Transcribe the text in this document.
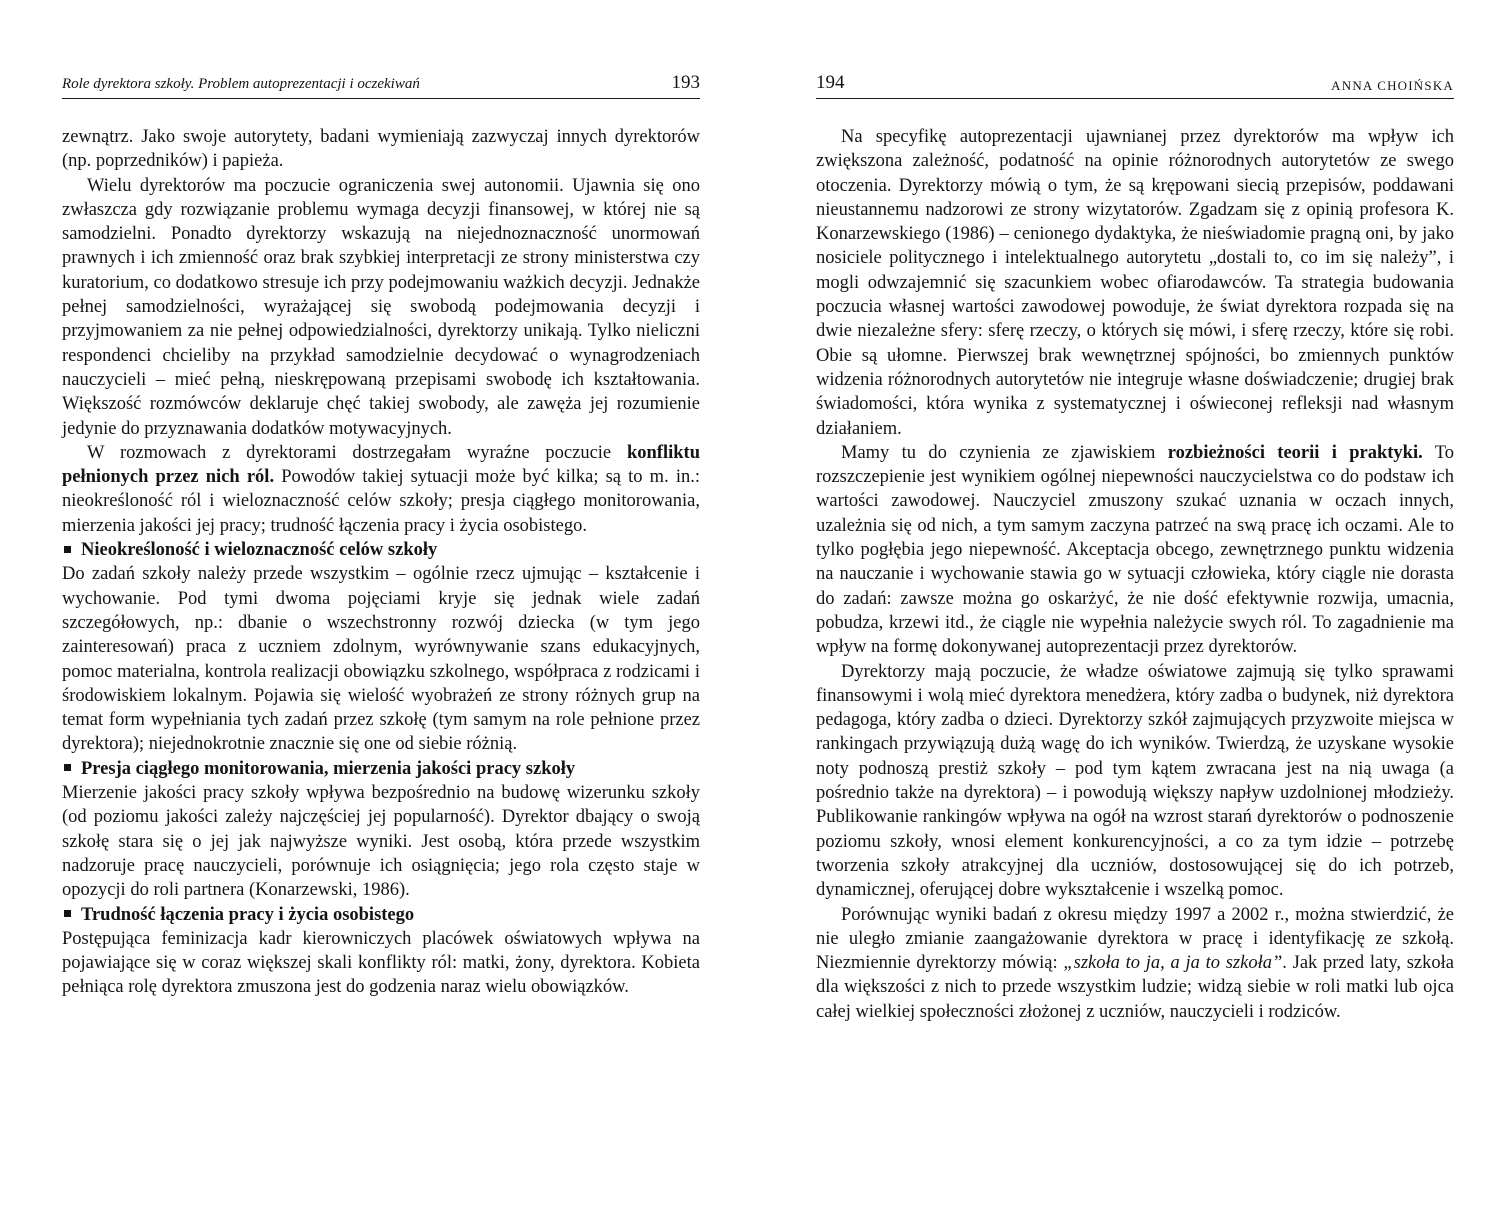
Role dyrektora szkoły. Problem autoprezentacji i oczekiwań	193

zewnątrz. Jako swoje autorytety, badani wymieniają zazwyczaj innych dyrektorów (np. poprzedników) i papieża.

Wielu dyrektorów ma poczucie ograniczenia swej autonomii. Ujawnia się ono zwłaszcza gdy rozwiązanie problemu wymaga decyzji finansowej, w której nie są samodzielni. Ponadto dyrektorzy wskazują na niejednoznaczność unormowań prawnych i ich zmienność oraz brak szybkiej interpretacji ze strony ministerstwa czy kuratorium, co dodatkowo stresuje ich przy podejmowaniu ważkich decyzji. Jednakże pełnej samodzielności, wyrażającej się swobodą podejmowania decyzji i przyjmowaniem za nie pełnej odpowiedzialności, dyrektorzy unikają. Tylko nieliczni respondenci chcieliby na przykład samodzielnie decydować o wynagrodzeniach nauczycieli – mieć pełną, nieskrępowaną przepisami swobodę ich kształtowania. Większość rozmówców deklaruje chęć takiej swobody, ale zawęża jej rozumienie jedynie do przyznawania dodatków motywacyjnych.

W rozmowach z dyrektorami dostrzegałam wyraźne poczucie konfliktu pełnionych przez nich ról. Powodów takiej sytuacji może być kilka; są to m. in.: nieokreśloność ról i wieloznaczność celów szkoły; presja ciągłego monitorowania, mierzenia jakości jej pracy; trudność łączenia pracy i życia osobistego.

Nieokreśloność i wieloznaczność celów szkoły

Do zadań szkoły należy przede wszystkim – ogólnie rzecz ujmując – kształcenie i wychowanie. Pod tymi dwoma pojęciami kryje się jednak wiele zadań szczegółowych, np.: dbanie o wszechstronny rozwój dziecka (w tym jego zainteresowań) praca z uczniem zdolnym, wyrównywanie szans edukacyjnych, pomoc materialna, kontrola realizacji obowiązku szkolnego, współpraca z rodzicami i środowiskiem lokalnym. Pojawia się wielość wyobrażeń ze strony różnych grup na temat form wypełniania tych zadań przez szkołę (tym samym na role pełnione przez dyrektora); niejednokrotnie znacznie się one od siebie różnią.

Presja ciągłego monitorowania, mierzenia jakości pracy szkoły

Mierzenie jakości pracy szkoły wpływa bezpośrednio na budowę wizerunku szkoły (od poziomu jakości zależy najczęściej jej popularność). Dyrektor dbający o swoją szkołę stara się o jej jak najwyższe wyniki. Jest osobą, która przede wszystkim nadzoruje pracę nauczycieli, porównuje ich osiągnięcia; jego rola często staje w opozycji do roli partnera (Konarzewski, 1986).

Trudność łączenia pracy i życia osobistego

Postępująca feminizacja kadr kierowniczych placówek oświatowych wpływa na pojawiające się w coraz większej skali konflikty ról: matki, żony, dyrektora. Kobieta pełniąca rolę dyrektora zmuszona jest do godzenia naraz wielu obowiązków.

194	ANNA CHOIŃSKA

Na specyfikę autoprezentacji ujawnianej przez dyrektorów ma wpływ ich zwiększona zależność, podatność na opinie różnorodnych autorytetów ze swego otoczenia. Dyrektorzy mówią o tym, że są krępowani siecią przepisów, poddawani nieustannemu nadzorowi ze strony wizytatorów. Zgadzam się z opinią profesora K. Konarzewskiego (1986) – cenionego dydaktyka, że nieświadomie pragną oni, by jako nosiciele politycznego i intelektualnego autorytetu „dostali to, co im się należy”, i mogli odwzajemnić się szacunkiem wobec ofiarodawców. Ta strategia budowania poczucia własnej wartości zawodowej powoduje, że świat dyrektora rozpada się na dwie niezależne sfery: sferę rzeczy, o których się mówi, i sferę rzeczy, które się robi. Obie są ułomne. Pierwszej brak wewnętrznej spójności, bo zmiennych punktów widzenia różnorodnych autorytetów nie integruje własne doświadczenie; drugiej brak świadomości, która wynika z systematycznej i oświeconej refleksji nad własnym działaniem.

Mamy tu do czynienia ze zjawiskiem rozbieżności teorii i praktyki. To rozszczepienie jest wynikiem ogólnej niepewności nauczycielstwa co do podstaw ich wartości zawodowej. Nauczyciel zmuszony szukać uznania w oczach innych, uzależnia się od nich, a tym samym zaczyna patrzeć na swą pracę ich oczami. Ale to tylko pogłębia jego niepewność. Akceptacja obcego, zewnętrznego punktu widzenia na nauczanie i wychowanie stawia go w sytuacji człowieka, który ciągle nie dorasta do zadań: zawsze można go oskarżyć, że nie dość efektywnie rozwija, umacnia, pobudza, krzewi itd., że ciągle nie wypełnia należycie swych ról. To zagadnienie ma wpływ na formę dokonywanej autoprezentacji przez dyrektorów.

Dyrektorzy mają poczucie, że władze oświatowe zajmują się tylko sprawami finansowymi i wolą mieć dyrektora menedżera, który zadba o budynek, niż dyrektora pedagoga, który zadba o dzieci. Dyrektorzy szkół zajmujących przyzwoite miejsca w rankingach przywiązują dużą wagę do ich wyników. Twierdzą, że uzyskane wysokie noty podnoszą prestiż szkoły – pod tym kątem zwracana jest na nią uwaga (a pośrednio także na dyrektora) – i powodują większy napływ uzdolnionej młodzieży. Publikowanie rankingów wpływa na ogół na wzrost starań dyrektorów o podnoszenie poziomu szkoły, wnosi element konkurencyjności, a co za tym idzie – potrzebę tworzenia szkoły atrakcyjnej dla uczniów, dostosowującej się do ich potrzeb, dynamicznej, oferującej dobre wykształcenie i wszelką pomoc.

Porównując wyniki badań z okresu między 1997 a 2002 r., można stwierdzić, że nie uległo zmianie zaangażowanie dyrektora w pracę i identyfikację ze szkołą. Niezmiennie dyrektorzy mówią: „szkoła to ja, a ja to szkoła”. Jak przed laty, szkoła dla większości z nich to przede wszystkim ludzie; widzą siebie w roli matki lub ojca całej wielkiej społeczności złożonej z uczniów, nauczycieli i rodziców.
